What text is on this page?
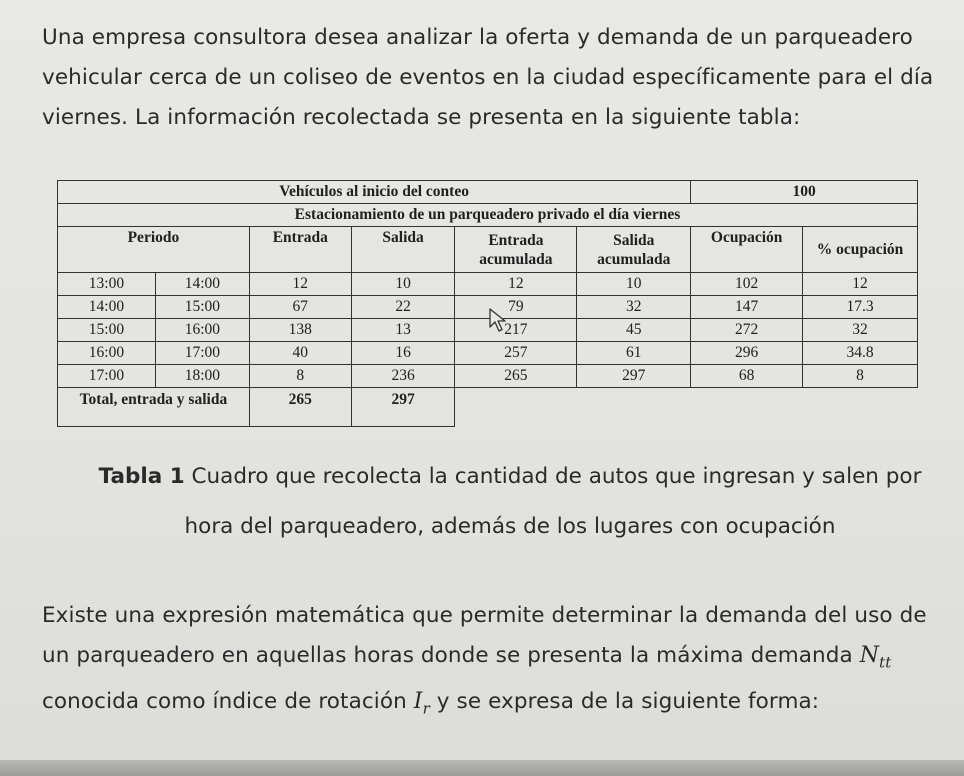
Una empresa consultora desea analizar la oferta y demanda de un parqueadero vehicular cerca de un coliseo de eventos en la ciudad específicamente para el día viernes. La información recolectada se presenta en la siguiente tabla:

Vehículos al inicio del conteo						100	
Estacionamiento de un parqueadero privado el día viernes							
Periodo		Entrada	Salida	Entrada acumulada	Salida acumulada	Ocupación	% ocupación
13:00	14:00	12	10	12	10	102	12
14:00	15:00	67	22	79	32	147	17.3
15:00	16:00	138	13	217	45	272	32
16:00	17:00	40	16	257	61	296	34.8
17:00	18:00	8	236	265	297	68	8
Total, entrada y salida		265	297				

Tabla 1 Cuadro que recolecta la cantidad de autos que ingresan y salen por hora del parqueadero, además de los lugares con ocupación

Existe una expresión matemática que permite determinar la demanda del uso de un parqueadero en aquellas horas donde se presenta la máxima demanda $N_{tt}$ conocida como índice de rotación $I_r$ y se expresa de la siguiente forma:
